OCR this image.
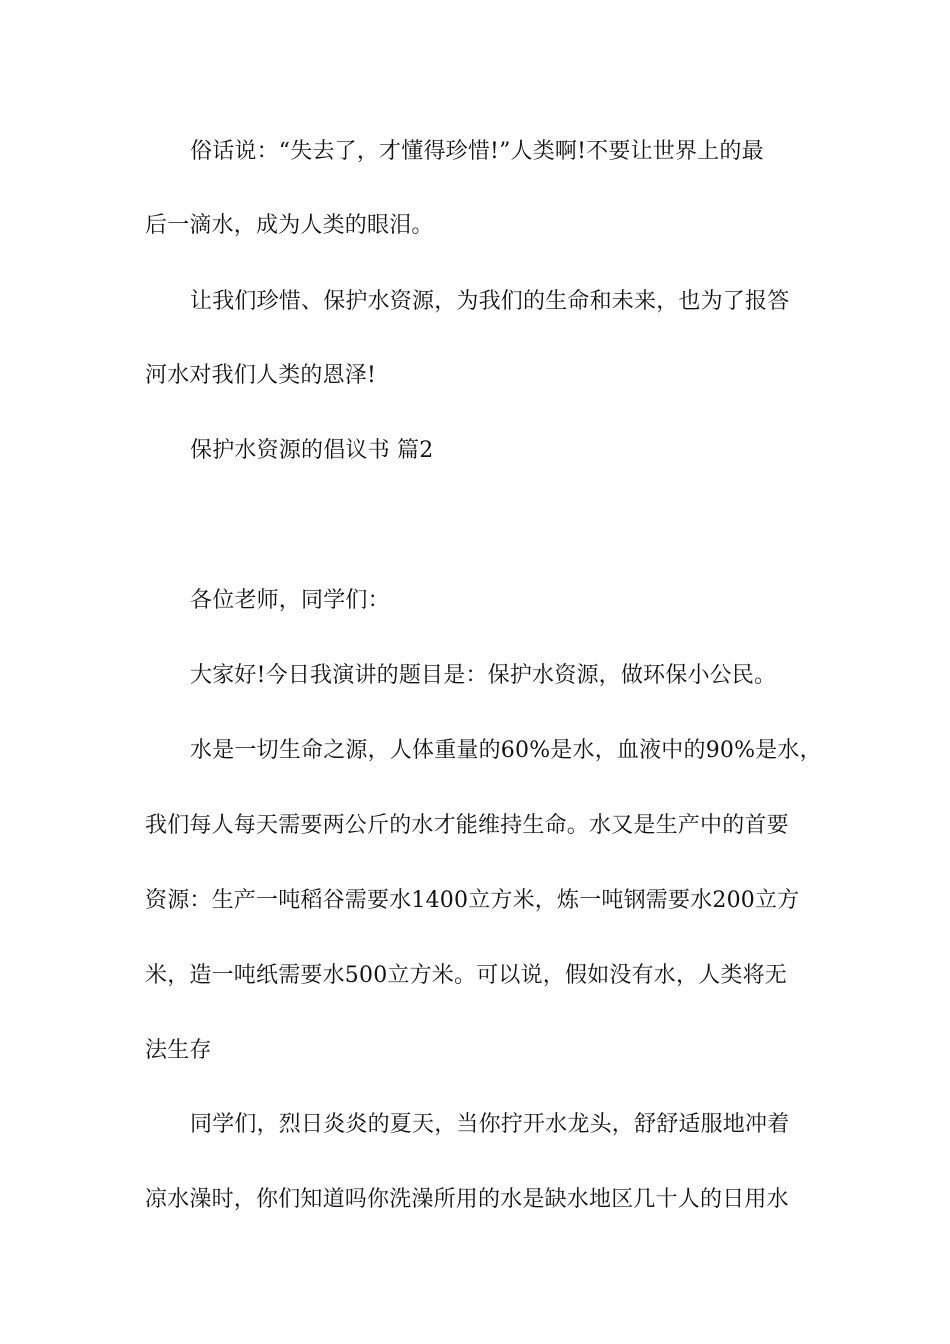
俗话说：“失去了，才懂得珍惜!”人类啊!不要让世界上的最
后一滴水，成为人类的眼泪。
让我们珍惜、保护水资源，为我们的生命和未来，也为了报答
河水对我们人类的恩泽!
保护水资源的倡议书 篇2
各位老师，同学们：
大家好!今日我演讲的题目是：保护水资源，做环保小公民。
水是一切生命之源，人体重量的60%是水，血液中的90%是水，
我们每人每天需要两公斤的水才能维持生命。水又是生产中的首要
资源：生产一吨稻谷需要水1400立方米，炼一吨钢需要水200立方
米，造一吨纸需要水500立方米。可以说，假如没有水，人类将无
法生存
同学们，烈日炎炎的夏天，当你拧开水龙头，舒舒适服地冲着
凉水澡时，你们知道吗你洗澡所用的水是缺水地区几十人的日用水
